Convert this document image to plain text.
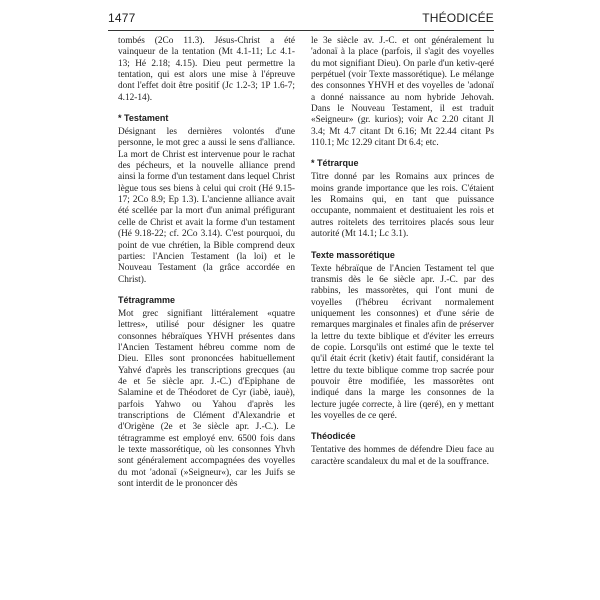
1477	THÉODICÉE

tombés (2Co 11.3). Jésus-Christ a été vainqueur de la tentation (Mt 4.1-11; Lc 4.1-13; Hé 2.18; 4.15). Dieu peut permettre la tentation, qui est alors une mise à l'épreuve dont l'effet doit être positif (Jc 1.2-3; 1P 1.6-7; 4.12-14).

* Testament

Désignant les dernières volontés d'une personne, le mot grec a aussi le sens d'alliance. La mort de Christ est intervenue pour le rachat des pécheurs, et la nouvelle alliance prend ainsi la forme d'un testament dans lequel Christ lègue tous ses biens à celui qui croit (Hé 9.15-17; 2Co 8.9; Ep 1.3). L'ancienne alliance avait été scellée par la mort d'un animal préfigurant celle de Christ et avait la forme d'un testament (Hé 9.18-22; cf. 2Co 3.14). C'est pourquoi, du point de vue chrétien, la Bible comprend deux parties: l'Ancien Testament (la loi) et le Nouveau Testament (la grâce accordée en Christ).

Tétragramme

Mot grec signifiant littéralement «quatre lettres», utilisé pour désigner les quatre consonnes hébraïques YHVH présentes dans l'Ancien Testament hébreu comme nom de Dieu. Elles sont prononcées habituellement Yahvé d'après les transcriptions grecques (au 4e et 5e siècle apr. J.-C.) d'Epiphane de Salamine et de Théodoret de Cyr (iabè, iauè), parfois Yahwo ou Yahou d'après les transcriptions de Clément d'Alexandrie et d'Origène (2e et 3e siècle apr. J.-C.). Le tétragramme est employé env. 6500 fois dans le texte massorétique, où les consonnes Yhvh sont généralement accompagnées des voyelles du mot 'adonaï (»Seigneur«), car les Juifs se sont interdit de le prononcer dès

le 3e siècle av. J.-C. et ont généralement lu 'adonaï à la place (parfois, il s'agit des voyelles du mot signifiant Dieu). On parle d'un ketiv-qeré perpétuel (voir Texte massorétique). Le mélange des consonnes YHVH et des voyelles de 'adonaï a donné naissance au nom hybride Jehovah. Dans le Nouveau Testament, il est traduit «Seigneur» (gr. kurios); voir Ac 2.20 citant Jl 3.4; Mt 4.7 citant Dt 6.16; Mt 22.44 citant Ps 110.1; Mc 12.29 citant Dt 6.4; etc.

* Tétrarque

Titre donné par les Romains aux princes de moins grande importance que les rois. C'étaient les Romains qui, en tant que puissance occupante, nommaient et destituaient les rois et autres roitelets des territoires placés sous leur autorité (Mt 14.1; Lc 3.1).

Texte massorétique

Texte hébraïque de l'Ancien Testament tel que transmis dès le 6e siècle apr. J.-C. par des rabbins, les massorètes, qui l'ont muni de voyelles (l'hébreu écrivant normalement uniquement les consonnes) et d'une série de remarques marginales et finales afin de préserver la lettre du texte biblique et d'éviter les erreurs de copie. Lorsqu'ils ont estimé que le texte tel qu'il était écrit (ketiv) était fautif, considérant la lettre du texte biblique comme trop sacrée pour pouvoir être modifiée, les massorètes ont indiqué dans la marge les consonnes de la lecture jugée correcte, à lire (qeré), en y mettant les voyelles de ce qeré.

Théodicée

Tentative des hommes de défendre Dieu face au caractère scandaleux du mal et de la souffrance.
